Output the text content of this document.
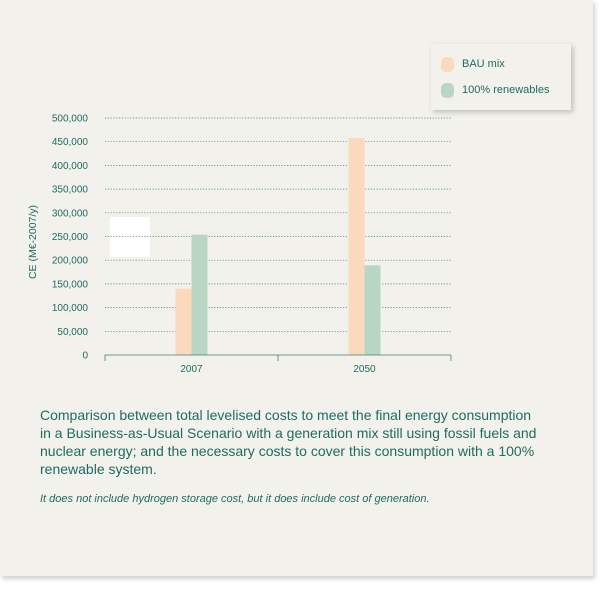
500,000
450,000
400,000
350,000
300,000
250,000
200,000
150,000
100,000
50,000
0
2007	2050
CE (M€-2007/y)
BAU mix
100% renewables

Comparison between total levelised costs to meet the final energy consumption in a Business-as-Usual Scenario with a generation mix still using fossil fuels and nuclear energy; and the necessary costs to cover this consumption with a 100% renewable system.

It does not include hydrogen storage cost, but it does include cost of generation.
